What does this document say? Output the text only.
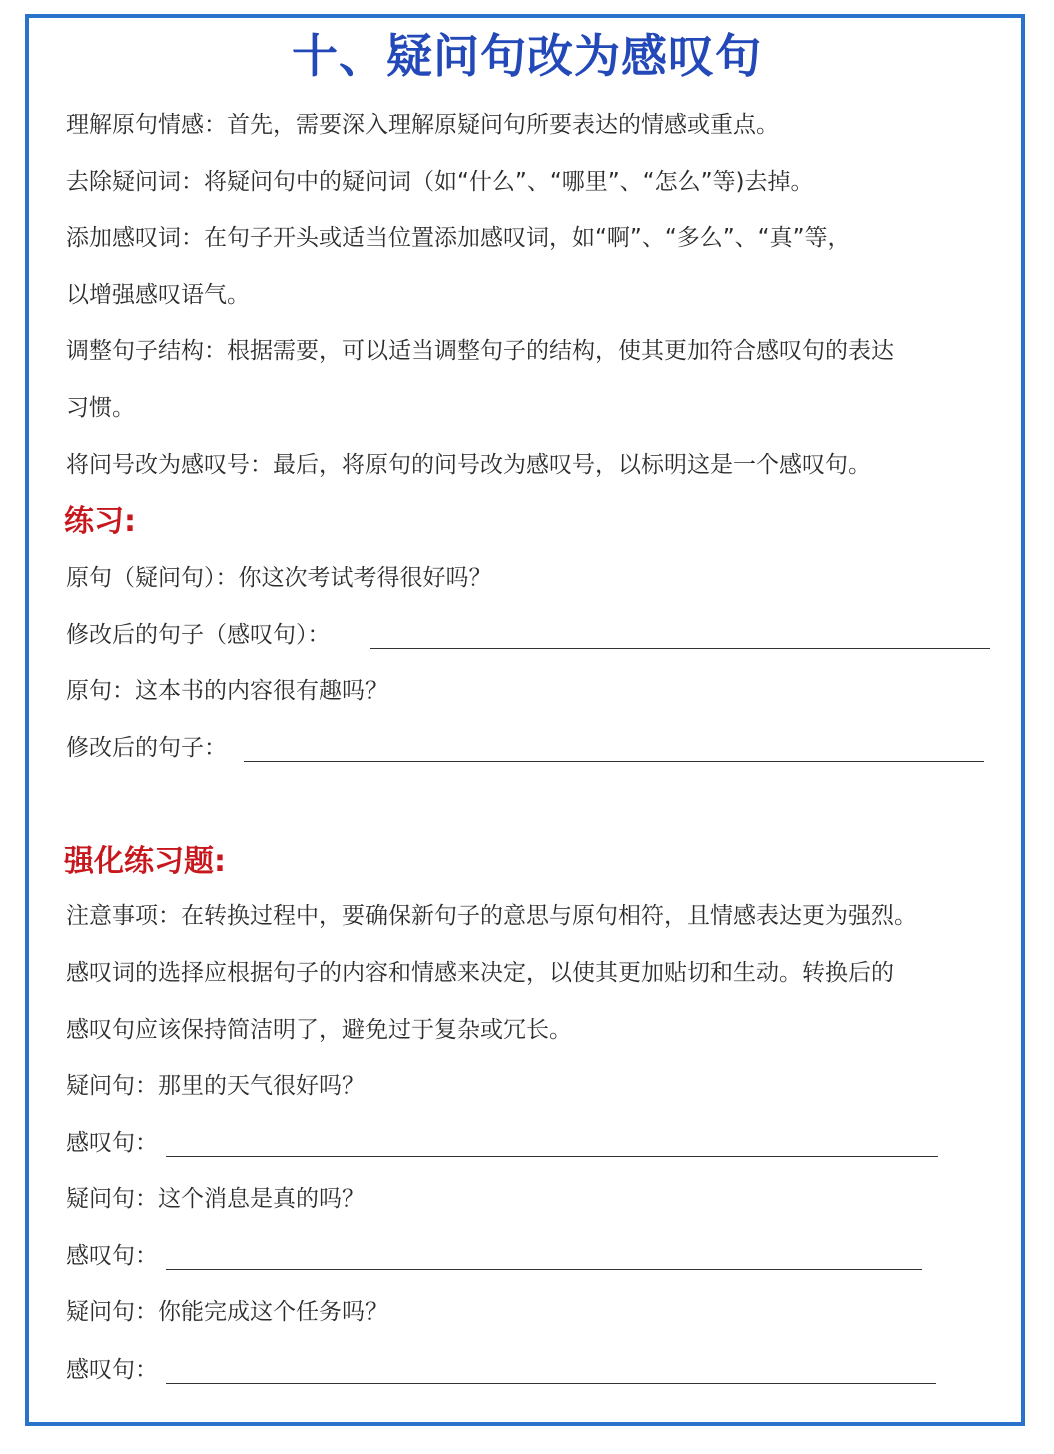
十、疑问句改为感叹句
理解原句情感：首先，需要深入理解原疑问句所要表达的情感或重点。
去除疑问词：将疑问句中的疑问词（如“什么”、“哪里”、“怎么”等)去掉。
添加感叹词：在句子开头或适当位置添加感叹词，如“啊”、“多么”、“真”等，
以增强感叹语气。
调整句子结构：根据需要，可以适当调整句子的结构，使其更加符合感叹句的表达
习惯。
将问号改为感叹号：最后，将原句的问号改为感叹号，以标明这是一个感叹句。
练习:
原句（疑问句）：你这次考试考得很好吗？
修改后的句子（感叹句）：
原句：这本书的内容很有趣吗？
修改后的句子：
强化练习题:
注意事项：在转换过程中，要确保新句子的意思与原句相符，且情感表达更为强烈。
感叹词的选择应根据句子的内容和情感来决定，以使其更加贴切和生动。转换后的
感叹句应该保持简洁明了，避免过于复杂或冗长。
疑问句：那里的天气很好吗？
感叹句：
疑问句：这个消息是真的吗？
感叹句：
疑问句：你能完成这个任务吗？
感叹句：
